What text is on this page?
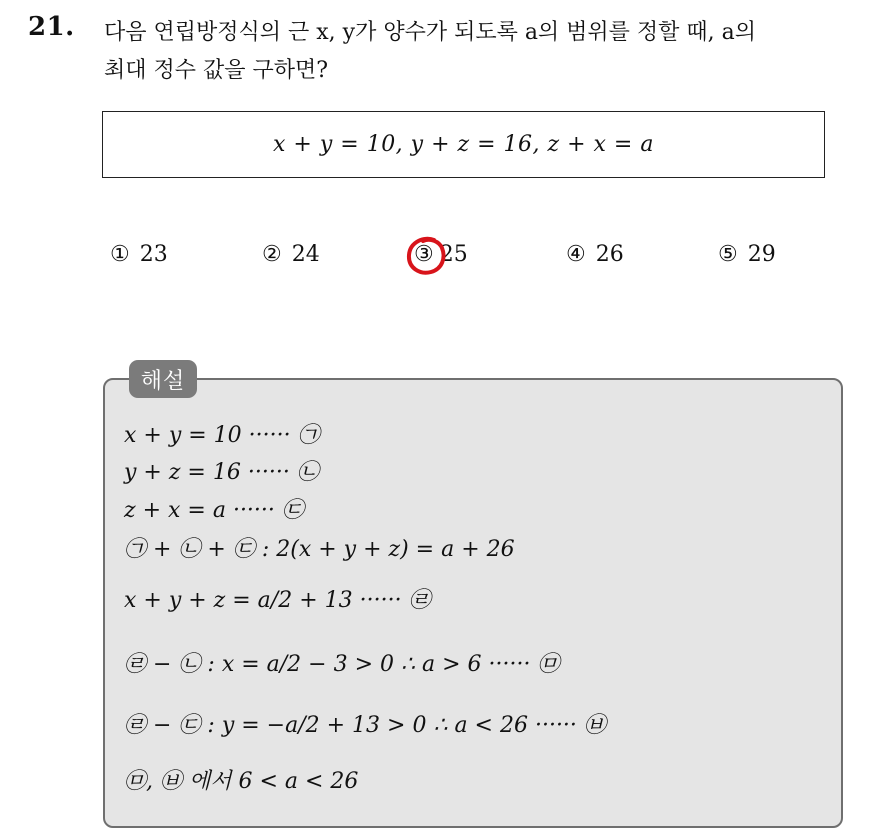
21. 다음 연립방정식의 근 x, y가 양수가 되도록 a의 범위를 정할 때, a의
최대 정수 값을 구하면?
x + y = 10, y + z = 16, z + x = a
① 23	② 24	③ 25	④ 26	⑤ 29
해설
x + y = 10 ······ ㉠
y + z = 16 ······ ㉡
z + x = a ······ ㉢
㉠ + ㉡ + ㉢ : 2(x + y + z) = a + 26
x + y + z = a/2 + 13 ······ ㉣
㉣ − ㉡ : x = a/2 − 3 > 0 ∴ a > 6 ······ ㉤
㉣ − ㉢ : y = −a/2 + 13 > 0 ∴ a < 26 ······ ㉥
㉤, ㉥ 에서 6 < a < 26
